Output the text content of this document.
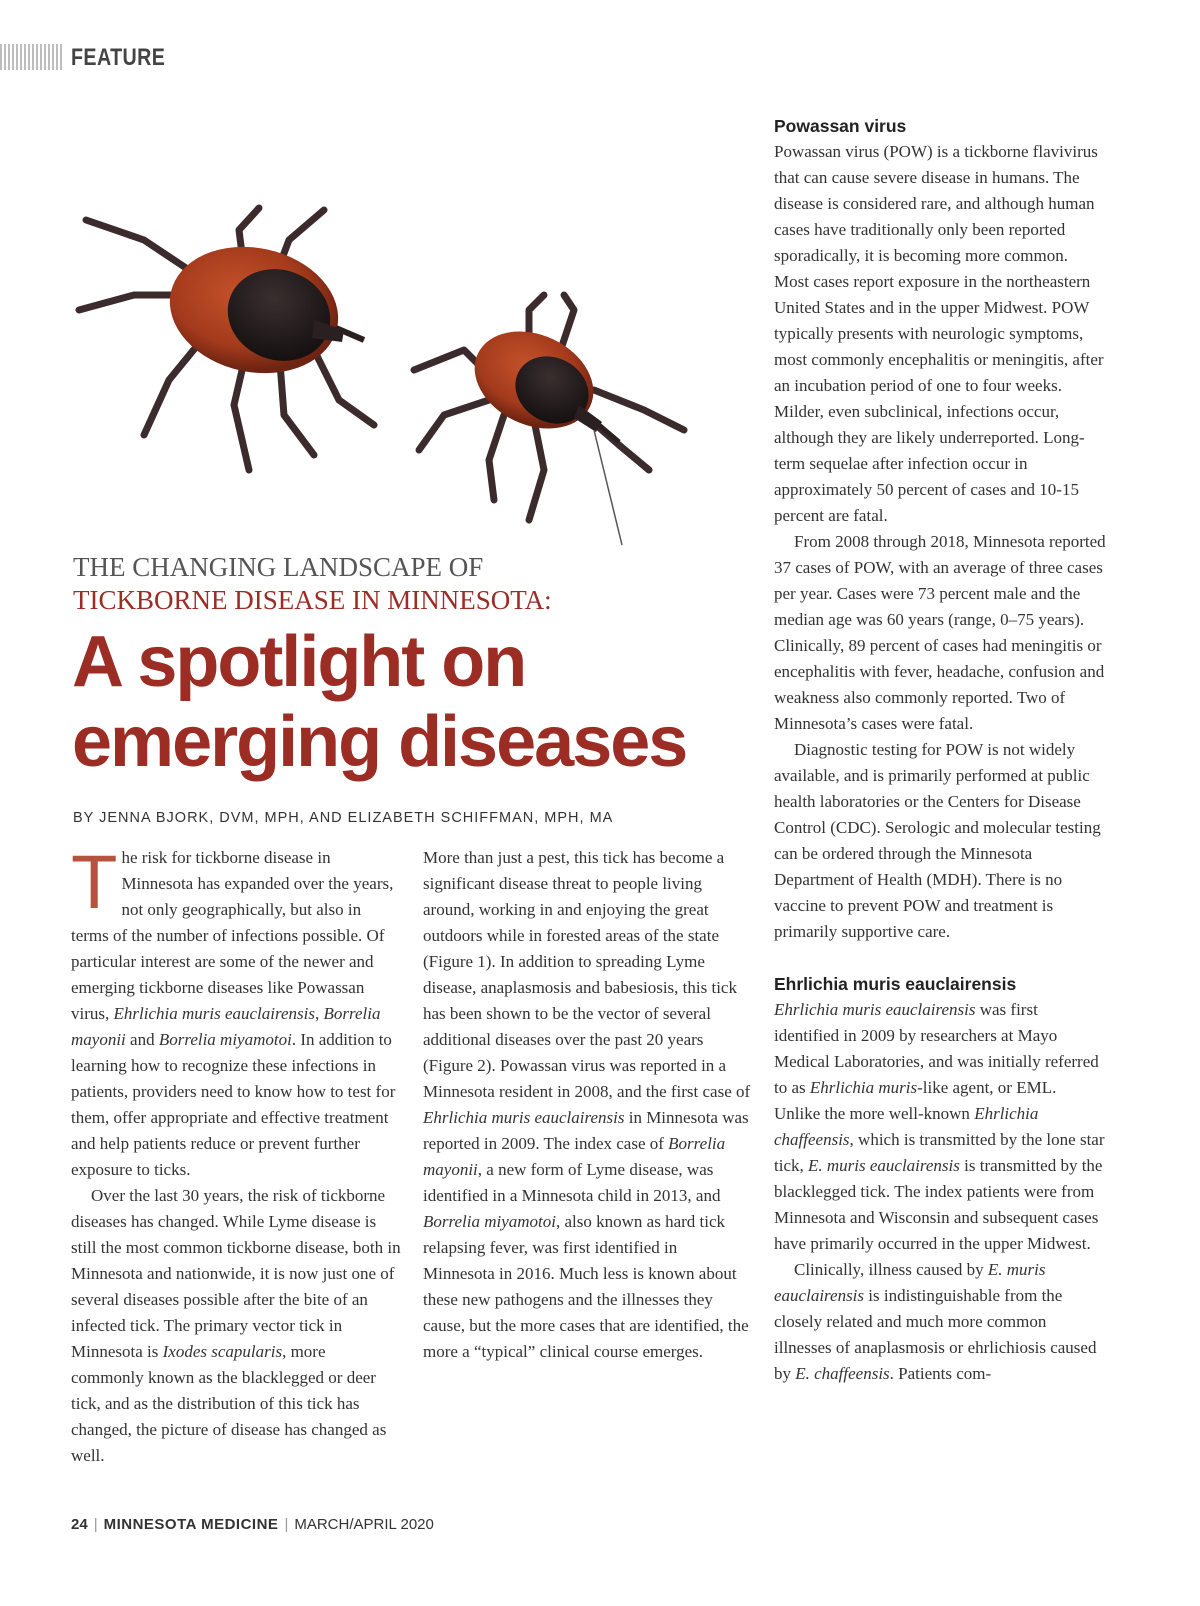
FEATURE
THE CHANGING LANDSCAPE OF
TICKBORNE DISEASE IN MINNESOTA:
A spotlight on
emerging diseases
BY JENNA BJORK, DVM, MPH, AND ELIZABETH SCHIFFMAN, MPH, MA

The risk for tickborne disease in Minnesota has expanded over the years, not only geographically, but also in terms of the number of infections possible. Of particular interest are some of the newer and emerging tickborne diseases like Powassan virus, Ehrlichia muris eauclairensis, Borrelia mayonii and Borrelia miyamotoi. In addition to learning how to recognize these infections in patients, providers need to know how to test for them, offer appropriate and effective treatment and help patients reduce or prevent further exposure to ticks.

Over the last 30 years, the risk of tickborne diseases has changed. While Lyme disease is still the most common tickborne disease, both in Minnesota and nationwide, it is now just one of several diseases possible after the bite of an infected tick. The primary vector tick in Minnesota is Ixodes scapularis, more commonly known as the blacklegged or deer tick, and as the distribution of this tick has changed, the picture of disease has changed as well.

More than just a pest, this tick has become a significant disease threat to people living around, working in and enjoying the great outdoors while in forested areas of the state (Figure 1). In addition to spreading Lyme disease, anaplasmosis and babesiosis, this tick has been shown to be the vector of several additional diseases over the past 20 years (Figure 2). Powassan virus was reported in a Minnesota resident in 2008, and the first case of Ehrlichia muris eauclairensis in Minnesota was reported in 2009. The index case of Borrelia mayonii, a new form of Lyme disease, was identified in a Minnesota child in 2013, and Borrelia miyamotoi, also known as hard tick relapsing fever, was first identified in Minnesota in 2016. Much less is known about these new pathogens and the illnesses they cause, but the more cases that are identified, the more a “typical” clinical course emerges.

Powassan virus

Powassan virus (POW) is a tickborne flavivirus that can cause severe disease in humans. The disease is considered rare, and although human cases have traditionally only been reported sporadically, it is becoming more common. Most cases report exposure in the northeastern United States and in the upper Midwest. POW typically presents with neurologic symptoms, most commonly encephalitis or meningitis, after an incubation period of one to four weeks. Milder, even subclinical, infections occur, although they are likely underreported. Long-term sequelae after infection occur in approximately 50 percent of cases and 10-15 percent are fatal.

From 2008 through 2018, Minnesota reported 37 cases of POW, with an average of three cases per year. Cases were 73 percent male and the median age was 60 years (range, 0–75 years). Clinically, 89 percent of cases had meningitis or encephalitis with fever, headache, confusion and weakness also commonly reported. Two of Minnesota’s cases were fatal.

Diagnostic testing for POW is not widely available, and is primarily performed at public health laboratories or the Centers for Disease Control (CDC). Serologic and molecular testing can be ordered through the Minnesota Department of Health (MDH). There is no vaccine to prevent POW and treatment is primarily supportive care.

Ehrlichia muris eauclairensis

Ehrlichia muris eauclairensis was first identified in 2009 by researchers at Mayo Medical Laboratories, and was initially referred to as Ehrlichia muris-like agent, or EML. Unlike the more well-known Ehrlichia chaffeensis, which is transmitted by the lone star tick, E. muris eauclairensis is transmitted by the blacklegged tick. The index patients were from Minnesota and Wisconsin and subsequent cases have primarily occurred in the upper Midwest.

Clinically, illness caused by E. muris eauclairensis is indistinguishable from the closely related and much more common illnesses of anaplasmosis or ehrlichiosis caused by E. chaffeensis. Patients com-

24 | MINNESOTA MEDICINE | MARCH/APRIL 2020
